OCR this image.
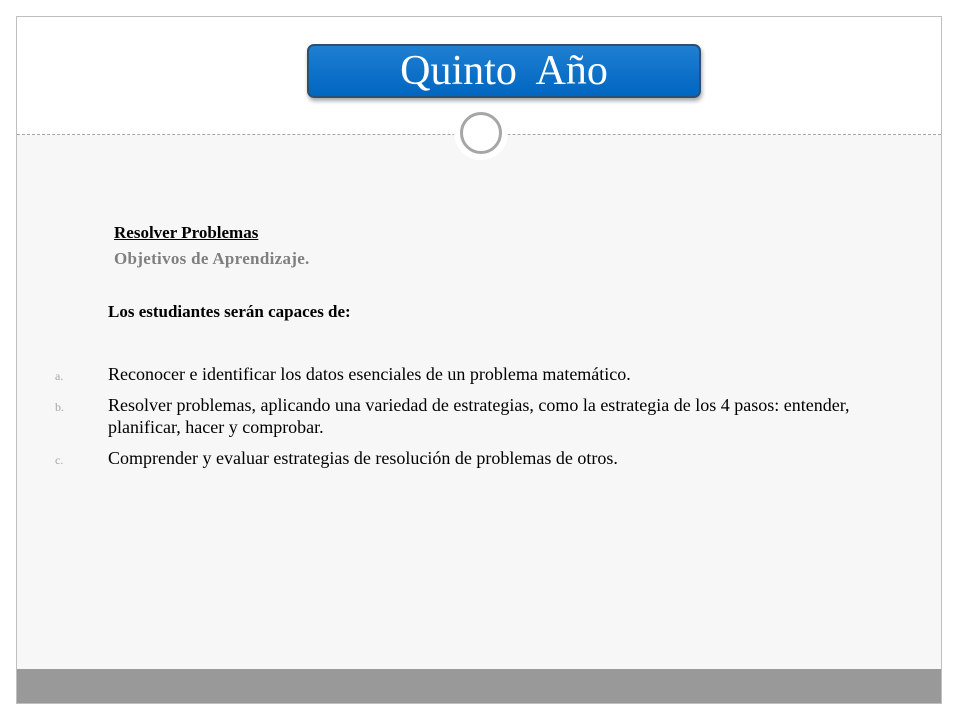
Quinto  Año
Resolver Problemas
Objetivos de Aprendizaje.
Los estudiantes serán capaces de:
a. Reconocer e identificar los datos esenciales de un problema matemático.
b. Resolver problemas, aplicando una variedad de estrategias, como la estrategia de los 4 pasos: entender, planificar, hacer y comprobar.
c. Comprender y evaluar estrategias de resolución de problemas de otros.
